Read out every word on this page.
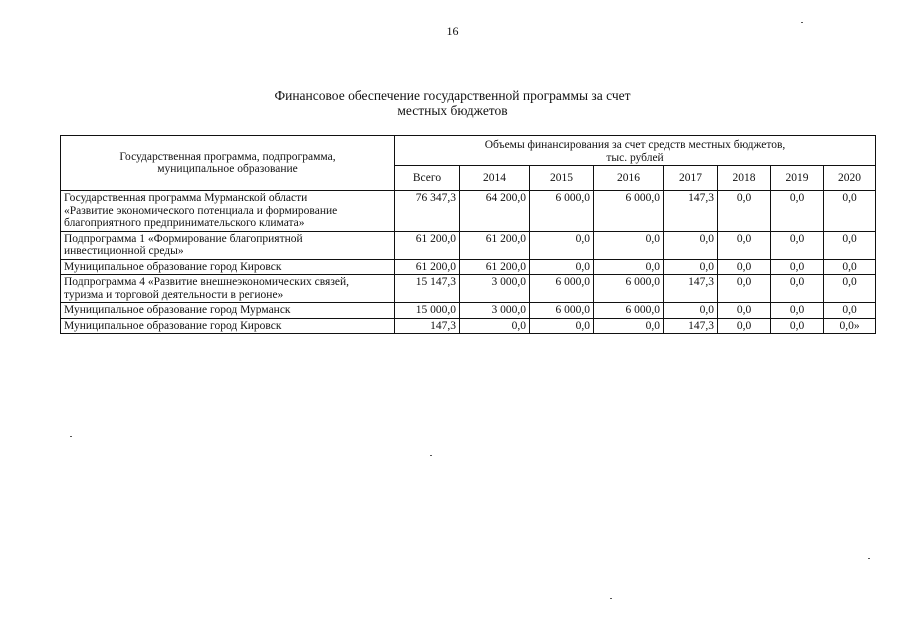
16
Финансовое обеспечение государственной программы за счет
местных бюджетов
Государственная программа, подпрограмма,
муниципальное образование	Объемы финансирования за счет средств местных бюджетов,
тыс. рублей							

	Всего	2014	2015	2016	2017	2018	2019	2020

Государственная программа Мурманской области
«Развитие экономического потенциала и формирование
благоприятного предпринимательского климата»	76 347,3	64 200,0	6 000,0	6 000,0	147,3	0,0	0,0	0,0

Подпрограмма 1 «Формирование благоприятной
инвестиционной среды»	61 200,0	61 200,0	0,0	0,0	0,0	0,0	0,0	0,0

Муниципальное образование город Кировск	61 200,0	61 200,0	0,0	0,0	0,0	0,0	0,0	0,0

Подпрограмма 4 «Развитие внешнеэкономических связей,
туризма и торговой деятельности в регионе»	15 147,3	3 000,0	6 000,0	6 000,0	147,3	0,0	0,0	0,0

Муниципальное образование город Мурманск	15 000,0	3 000,0	6 000,0	6 000,0	0,0	0,0	0,0	0,0

Муниципальное образование город Кировск	147,3	0,0	0,0	0,0	147,3	0,0	0,0	0,0»
